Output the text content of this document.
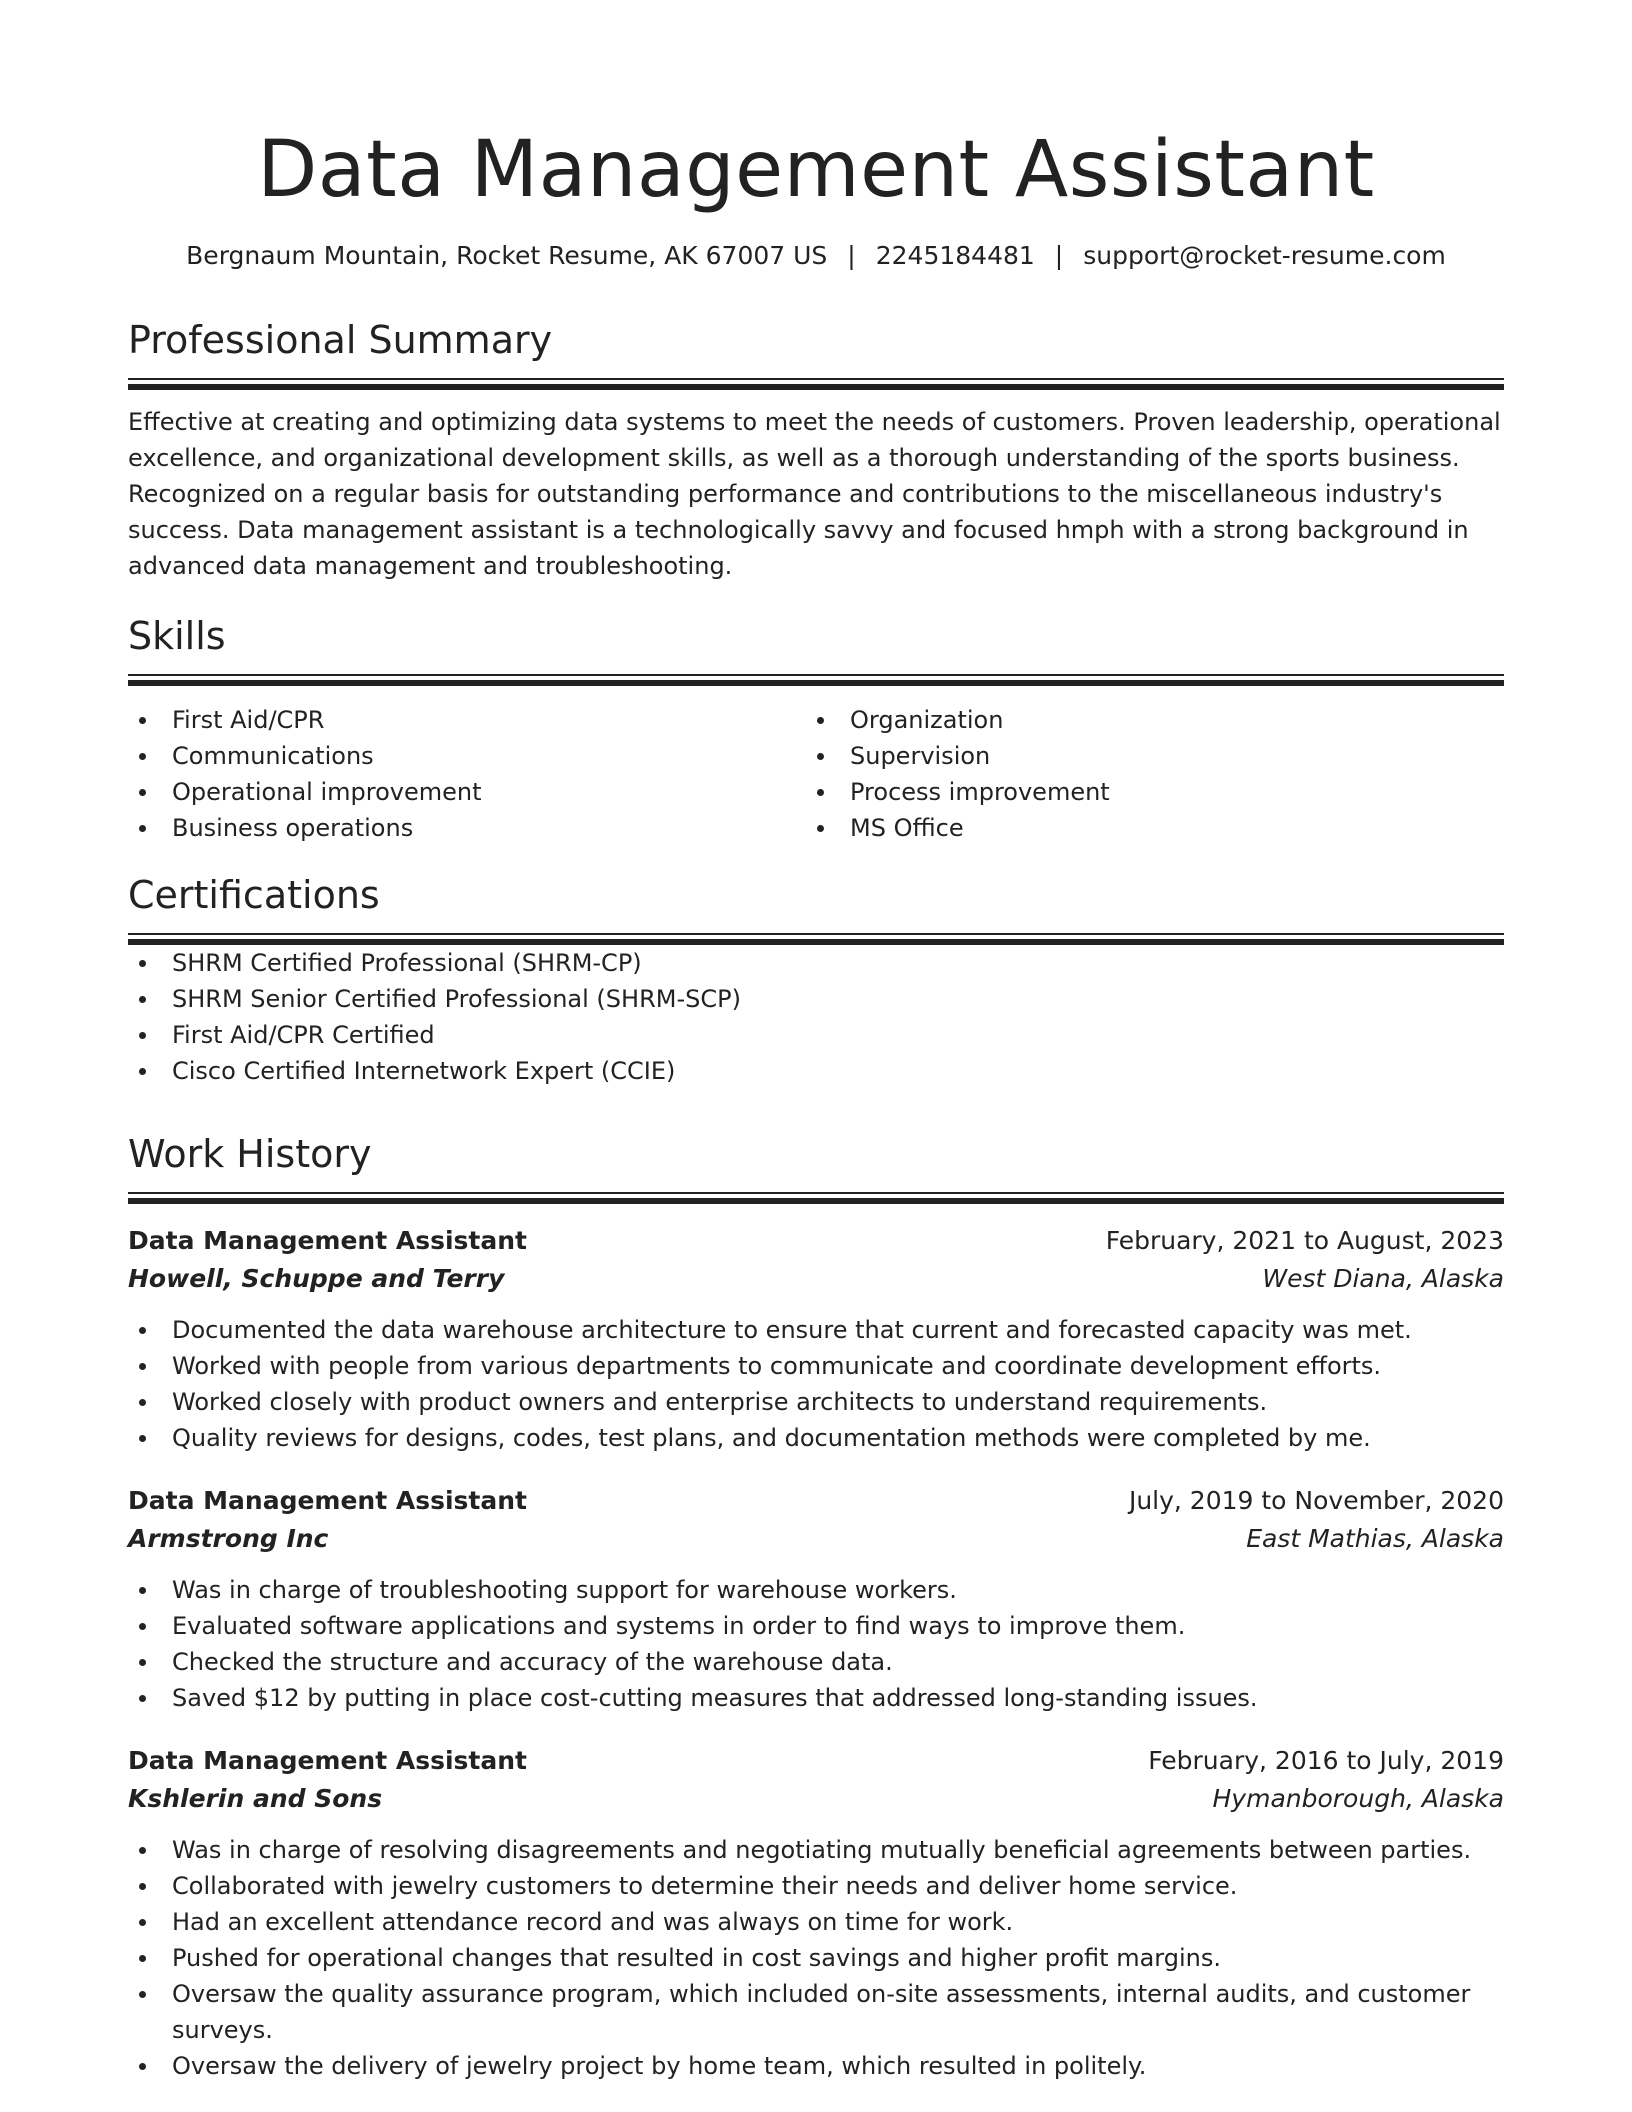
Data Management Assistant
Bergnaum Mountain, Rocket Resume, AK 67007 US | 2245184481 | support@rocket-resume.com
Professional Summary
Effective at creating and optimizing data systems to meet the needs of customers. Proven leadership, operational excellence, and organizational development skills, as well as a thorough understanding of the sports business. Recognized on a regular basis for outstanding performance and contributions to the miscellaneous industry's success. Data management assistant is a technologically savvy and focused hmph with a strong background in advanced data management and troubleshooting.
Skills
First Aid/CPR
Communications
Operational improvement
Business operations
Organization
Supervision
Process improvement
MS Office
Certifications
SHRM Certified Professional (SHRM-CP)
SHRM Senior Certified Professional (SHRM-SCP)
First Aid/CPR Certified
Cisco Certified Internetwork Expert (CCIE)
Work History
Data Management Assistant	February, 2021 to August, 2023
Howell, Schuppe and Terry	West Diana, Alaska
Documented the data warehouse architecture to ensure that current and forecasted capacity was met.
Worked with people from various departments to communicate and coordinate development efforts.
Worked closely with product owners and enterprise architects to understand requirements.
Quality reviews for designs, codes, test plans, and documentation methods were completed by me.
Data Management Assistant	July, 2019 to November, 2020
Armstrong Inc	East Mathias, Alaska
Was in charge of troubleshooting support for warehouse workers.
Evaluated software applications and systems in order to find ways to improve them.
Checked the structure and accuracy of the warehouse data.
Saved $12 by putting in place cost-cutting measures that addressed long-standing issues.
Data Management Assistant	February, 2016 to July, 2019
Kshlerin and Sons	Hymanborough, Alaska
Was in charge of resolving disagreements and negotiating mutually beneficial agreements between parties.
Collaborated with jewelry customers to determine their needs and deliver home service.
Had an excellent attendance record and was always on time for work.
Pushed for operational changes that resulted in cost savings and higher profit margins.
Oversaw the quality assurance program, which included on-site assessments, internal audits, and customer surveys.
Oversaw the delivery of jewelry project by home team, which resulted in politely.
